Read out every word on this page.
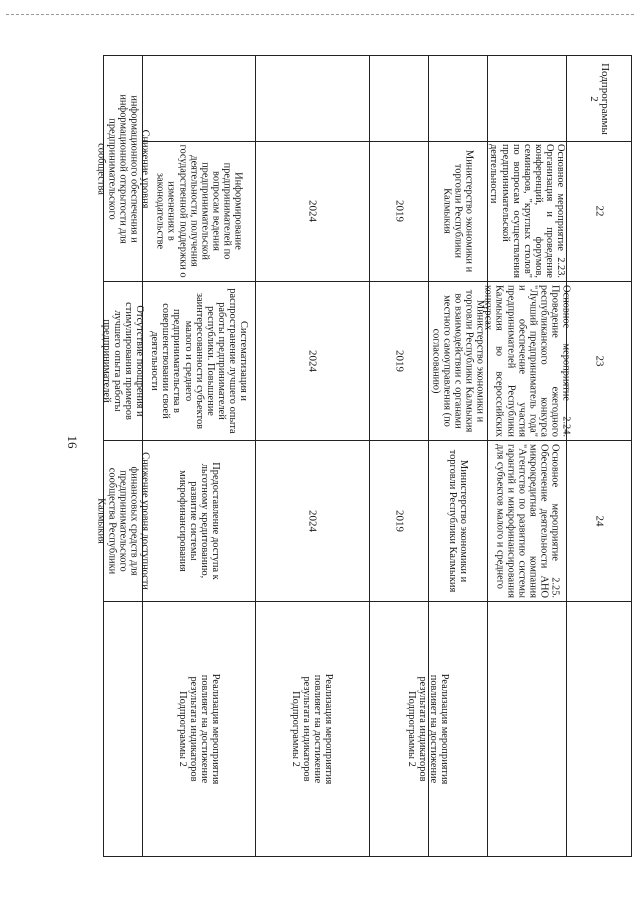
16
Подпрограммы 2
22
Основное мероприятие 2.23. Организация и проведение конференций, форумов, семинаров, "круглых столов" по вопросам осуществления предпринимательской деятельности
Министерство экономики и торговли Республики Калмыкия
2019
2024
Информирование предпринимателей по вопросам ведения предпринимательской деятельности, получения государственной поддержки о изменениях в законодательстве
Снижение уровня информационного обеспечения и информационной открытости для предпринимательского сообщества
23
Основное мероприятие 2.24. Проведение ежегодного республиканского конкурса "Лучший предприниматель года" и обеспечение участия предпринимателей Республики Калмыкия во всероссийских конкурсах
Министерство экономики и торговли Республики Калмыкия во взаимодействии с органами местного самоуправления (по согласованию)
2019
2024
Систематизация и распространение лучшего опыта работы предпринимателей республики. Повышение заинтересованности субъектов малого и среднего предпринимательства в совершенствовании своей деятельности
Отсутствие поощрения и стимулирования примеров лучшего опыта работы предпринимателей
24
Основное мероприятие 2.25. Обеспечение деятельности АНО микрокредитная компания "Агентство по развитию системы гарантий и микрофинансирования для субъектов малого и среднего
Министерство экономики и торговли Республики Калмыкия
2019
2024
Предоставление доступа к льготному кредитованию, развитие системы микрофинансирования
Снижение уровня доступности финансовых средств для предпринимательского сообщества Республики Калмыкия
Реализация мероприятия повлияет на достижение результата индикаторов Подпрограммы 2	Реализация мероприятия повлияет на достижение результата индикаторов Подпрограммы 2	Реализация мероприятия повлияет на достижение результата индикаторов Подпрограммы 2
